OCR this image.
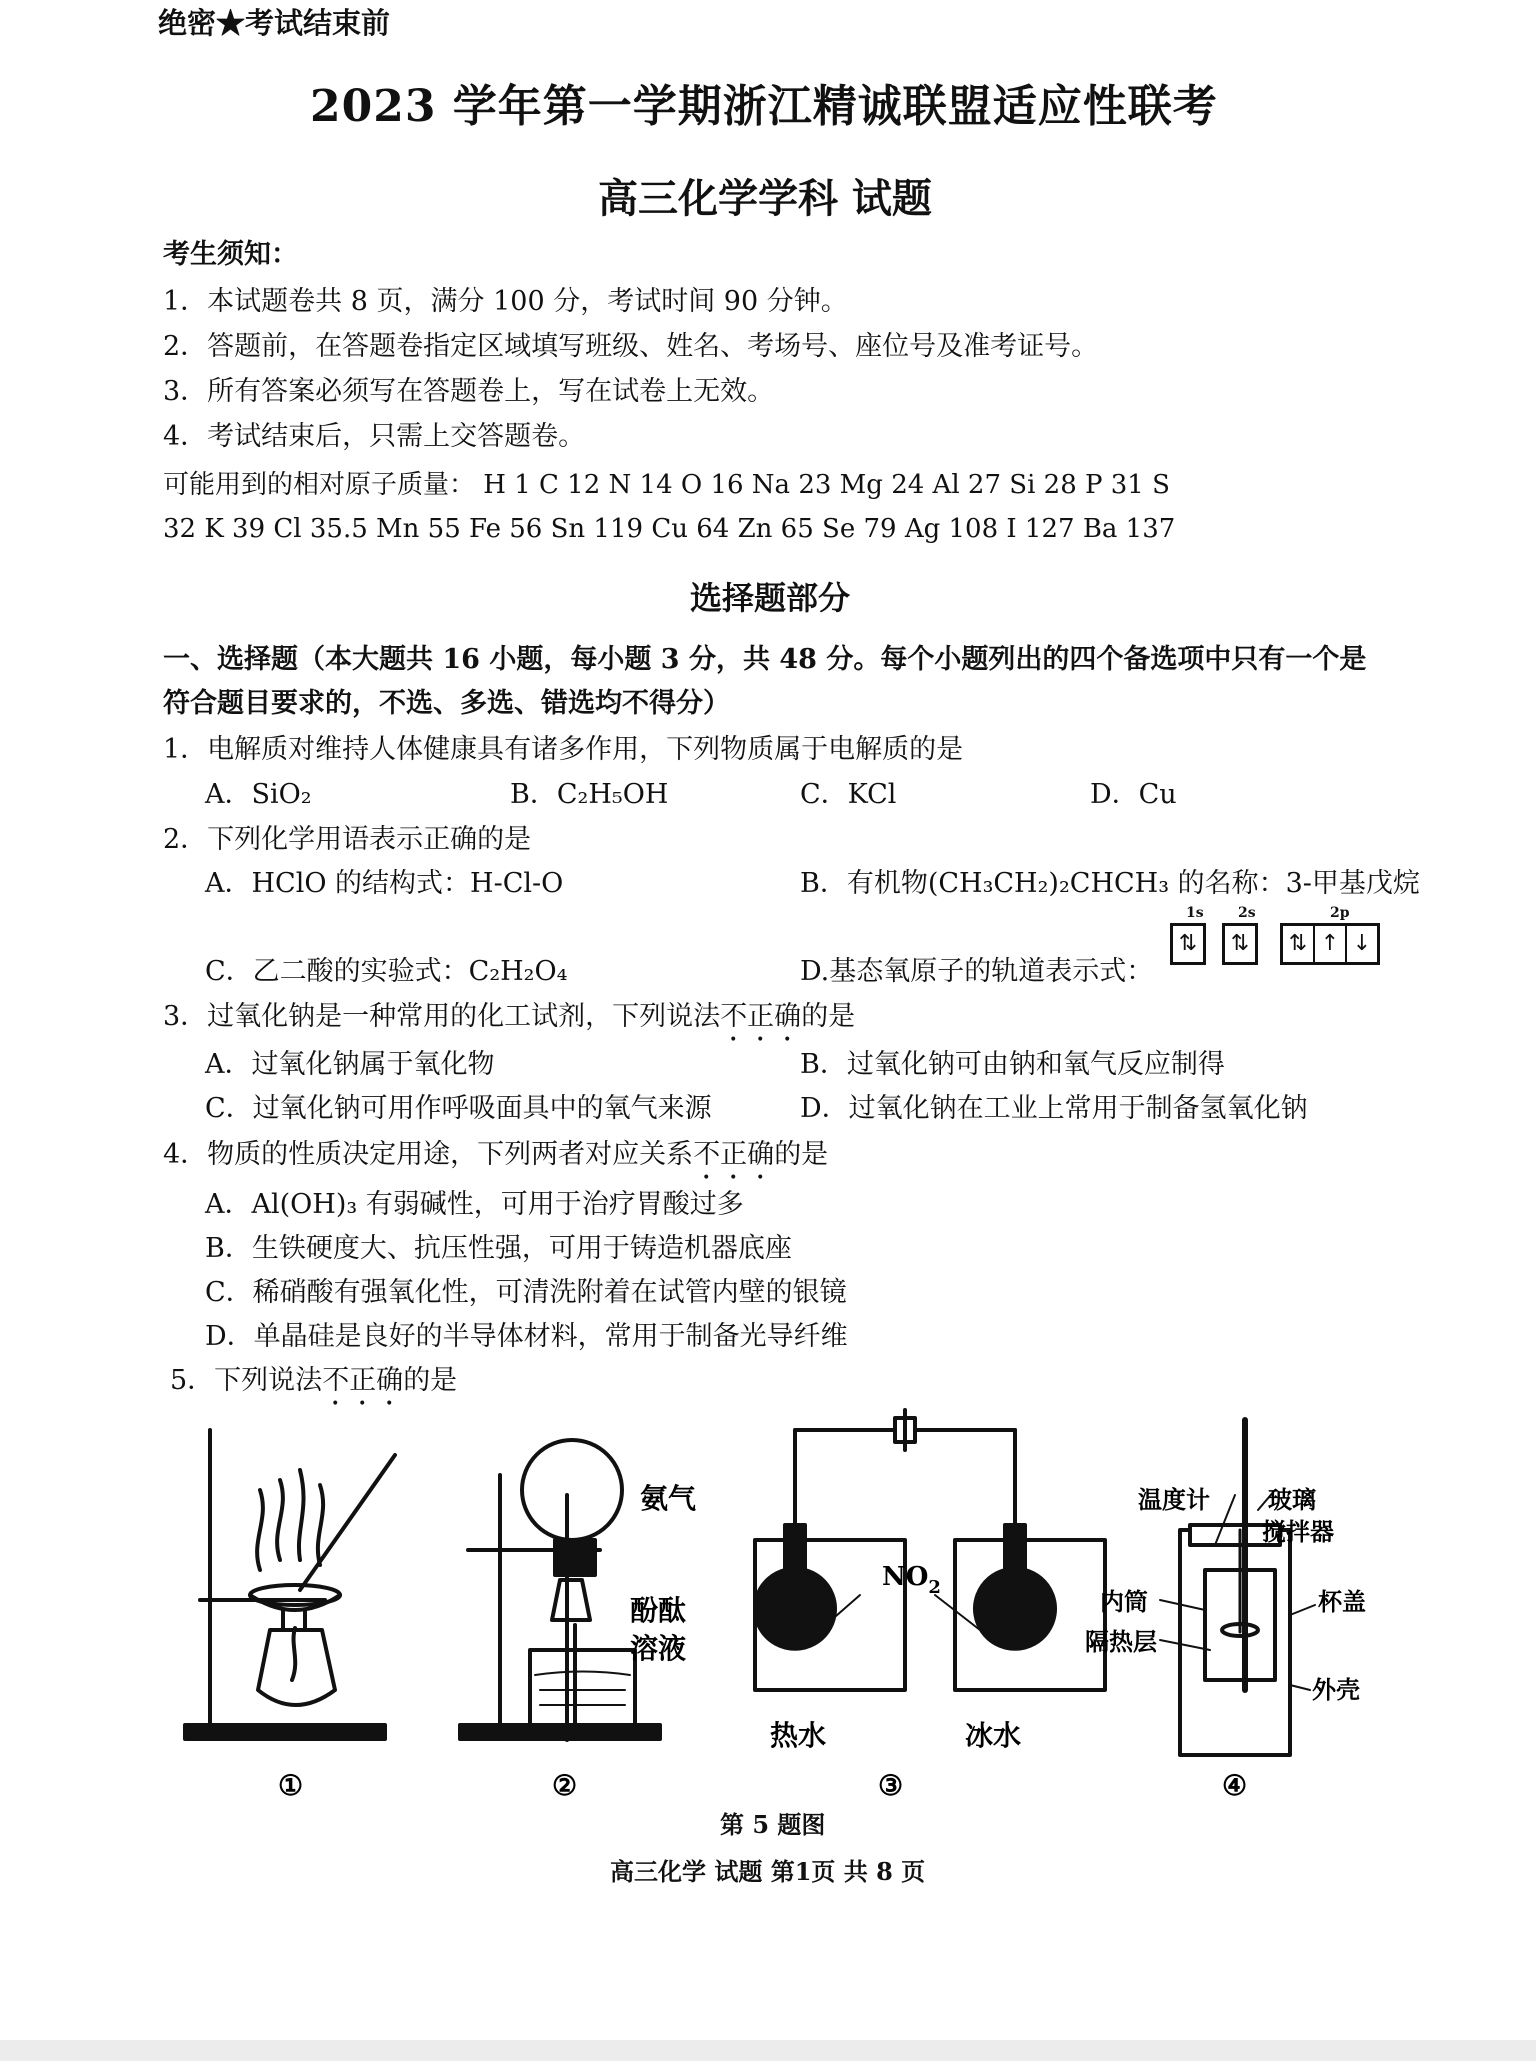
绝密★考试结束前
2023 学年第一学期浙江精诚联盟适应性联考
高三化学学科 试题
考生须知：
1．本试题卷共 8 页，满分 100 分，考试时间 90 分钟。
2．答题前，在答题卷指定区域填写班级、姓名、考场号、座位号及准考证号。
3．所有答案必须写在答题卷上，写在试卷上无效。
4．考试结束后，只需上交答题卷。
可能用到的相对原子质量： H 1 C 12 N 14 O 16 Na 23 Mg 24 Al 27 Si 28 P 31 S
32 K 39 Cl 35.5 Mn 55 Fe 56 Sn 119 Cu 64 Zn 65 Se 79 Ag 108 I 127 Ba 137
选择题部分
一、选择题（本大题共 16 小题，每小题 3 分，共 48 分。每个小题列出的四个备选项中只有一个是
符合题目要求的，不选、多选、错选均不得分）
1．电解质对维持人体健康具有诸多作用，下列物质属于电解质的是
A．SiO₂	B．C₂H₅OH	C．KCl	D．Cu
2．下列化学用语表示正确的是
A．HClO 的结构式：H-Cl-O	B．有机物(CH₃CH₂)₂CHCH₃ 的名称：3-甲基戊烷
C．乙二酸的实验式：C₂H₂O₄	D.基态氧原子的轨道表示式：
1s 2s	2p
⇅ ⇅ ⇅ ↑ ↓
3．过氧化钠是一种常用的化工试剂，下列说法不正确的是
A．过氧化钠属于氧化物	B．过氧化钠可由钠和氧气反应制得
C．过氧化钠可用作呼吸面具中的氧气来源	D．过氧化钠在工业上常用于制备氢氧化钠
4．物质的性质决定用途，下列两者对应关系不正确的是
A．Al(OH)₃ 有弱碱性，可用于治疗胃酸过多
B．生铁硬度大、抗压性强，可用于铸造机器底座
C．稀硝酸有强氧化性，可清洗附着在试管内壁的银镜
D．单晶硅是良好的半导体材料，常用于制备光导纤维
5．下列说法不正确的是
氨气
酚酞
溶液
$NO_2$
热水	冰水
温度计 玻璃
搅拌器
内筒	杯盖
隔热层
外壳
①	②	③	④
第 5 题图
高三化学 试题 第1页 共 8 页
